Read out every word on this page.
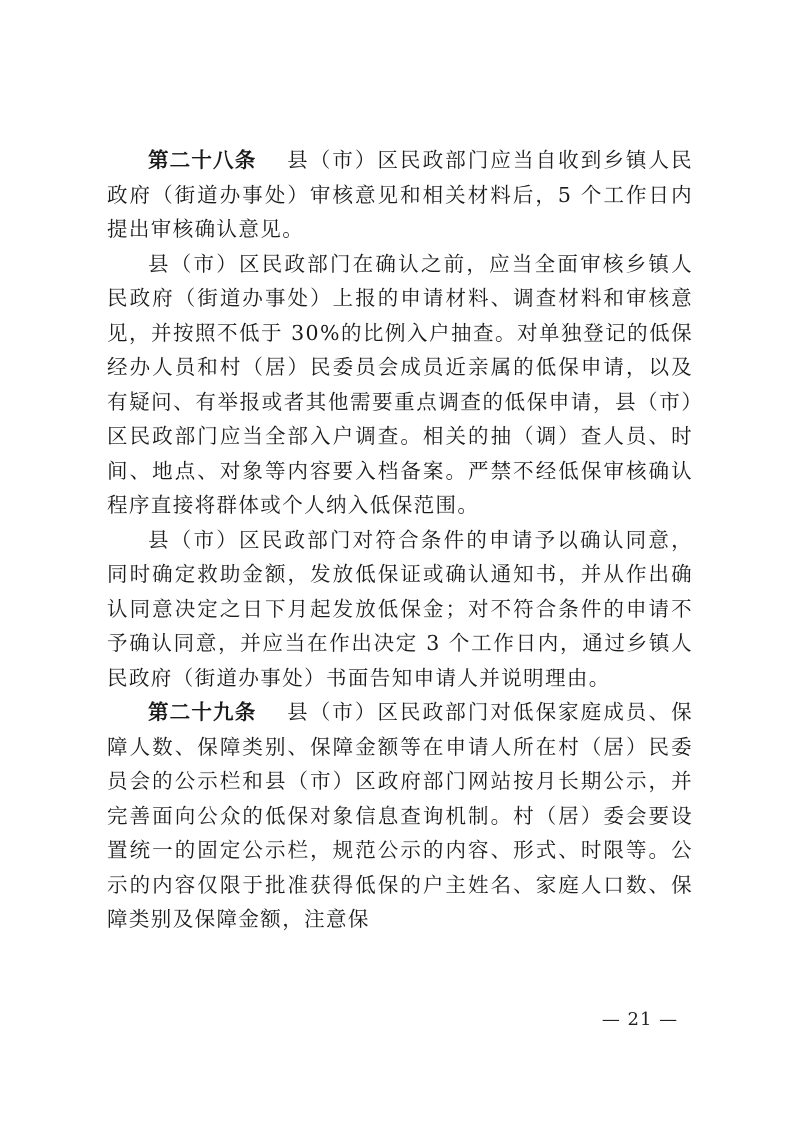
第二十八条 县（市）区民政部门应当自收到乡镇人民政府（街道办事处）审核意见和相关材料后，5 个工作日内提出审核确认意见。

县（市）区民政部门在确认之前，应当全面审核乡镇人民政府（街道办事处）上报的申请材料、调查材料和审核意见，并按照不低于 30%的比例入户抽查。对单独登记的低保经办人员和村（居）民委员会成员近亲属的低保申请，以及有疑问、有举报或者其他需要重点调查的低保申请，县（市）区民政部门应当全部入户调查。相关的抽（调）查人员、时间、地点、对象等内容要入档备案。严禁不经低保审核确认程序直接将群体或个人纳入低保范围。

县（市）区民政部门对符合条件的申请予以确认同意，同时确定救助金额，发放低保证或确认通知书，并从作出确认同意决定之日下月起发放低保金；对不符合条件的申请不予确认同意，并应当在作出决定 3 个工作日内，通过乡镇人民政府（街道办事处）书面告知申请人并说明理由。

第二十九条 县（市）区民政部门对低保家庭成员、保障人数、保障类别、保障金额等在申请人所在村（居）民委员会的公示栏和县（市）区政府部门网站按月长期公示，并完善面向公众的低保对象信息查询机制。村（居）委会要设置统一的固定公示栏，规范公示的内容、形式、时限等。公示的内容仅限于批准获得低保的户主姓名、家庭人口数、保障类别及保障金额，注意保

— 21 —
